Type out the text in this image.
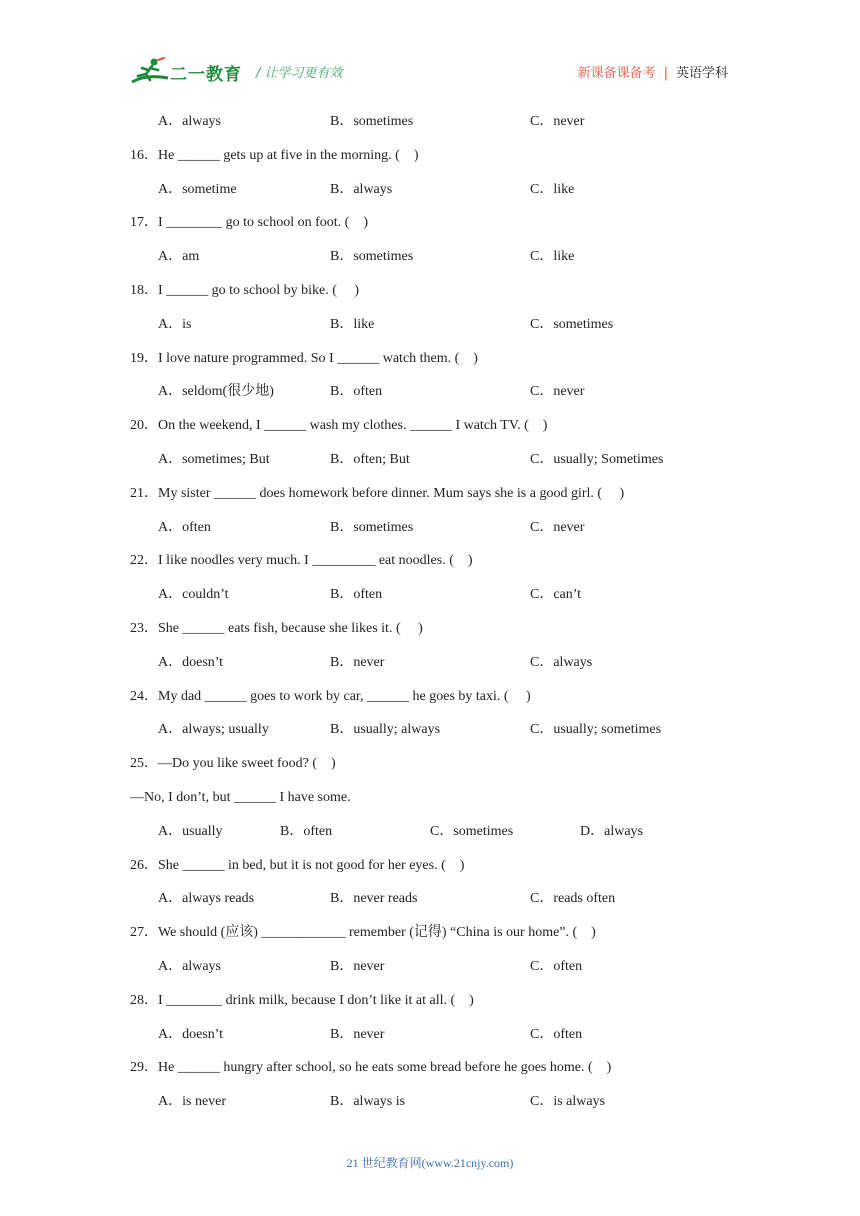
二一教育 / 让学习更有效	新课备课备考 | 英语学科
A．always	B．sometimes	C．never
16．He ______ gets up at five in the morning. (　)
A．sometime	B．always	C．like
17．I ________ go to school on foot. (　)
A．am	B．sometimes	C．like
18．I ______ go to school by bike. (　 )
A．is	B．like	C．sometimes
19．I love nature programmed. So I ______ watch them. (　)
A．seldom(很少地)	B．often	C．never
20．On the weekend, I ______ wash my clothes. ______ I watch TV. (　)
A．sometimes; But	B．often; But	C．usually; Sometimes
21．My sister ______ does homework before dinner. Mum says she is a good girl. (　 )
A．often	B．sometimes	C．never
22．I like noodles very much. I _________ eat noodles. (　)
A．couldn’t	B．often	C．can’t
23．She ______ eats fish, because she likes it. (　 )
A．doesn’t	B．never	C．always
24．My dad ______ goes to work by car, ______ he goes by taxi. (　 )
A．always; usually	B．usually; always	C．usually; sometimes
25．—Do you like sweet food? (　)
—No, I don’t, but ______ I have some.
A．usually	B．often	C．sometimes	D．always
26．She ______ in bed, but it is not good for her eyes. (　)
A．always reads	B．never reads	C．reads often
27．We should (应该) ____________ remember (记得) “China is our home”. (　)
A．always	B．never	C．often
28．I ________ drink milk, because I don’t like it at all. (　)
A．doesn’t	B．never	C．often
29．He ______ hungry after school, so he eats some bread before he goes home. (　)
A．is never	B．always is	C．is always
21 世纪教育网(www.21cnjy.com)
